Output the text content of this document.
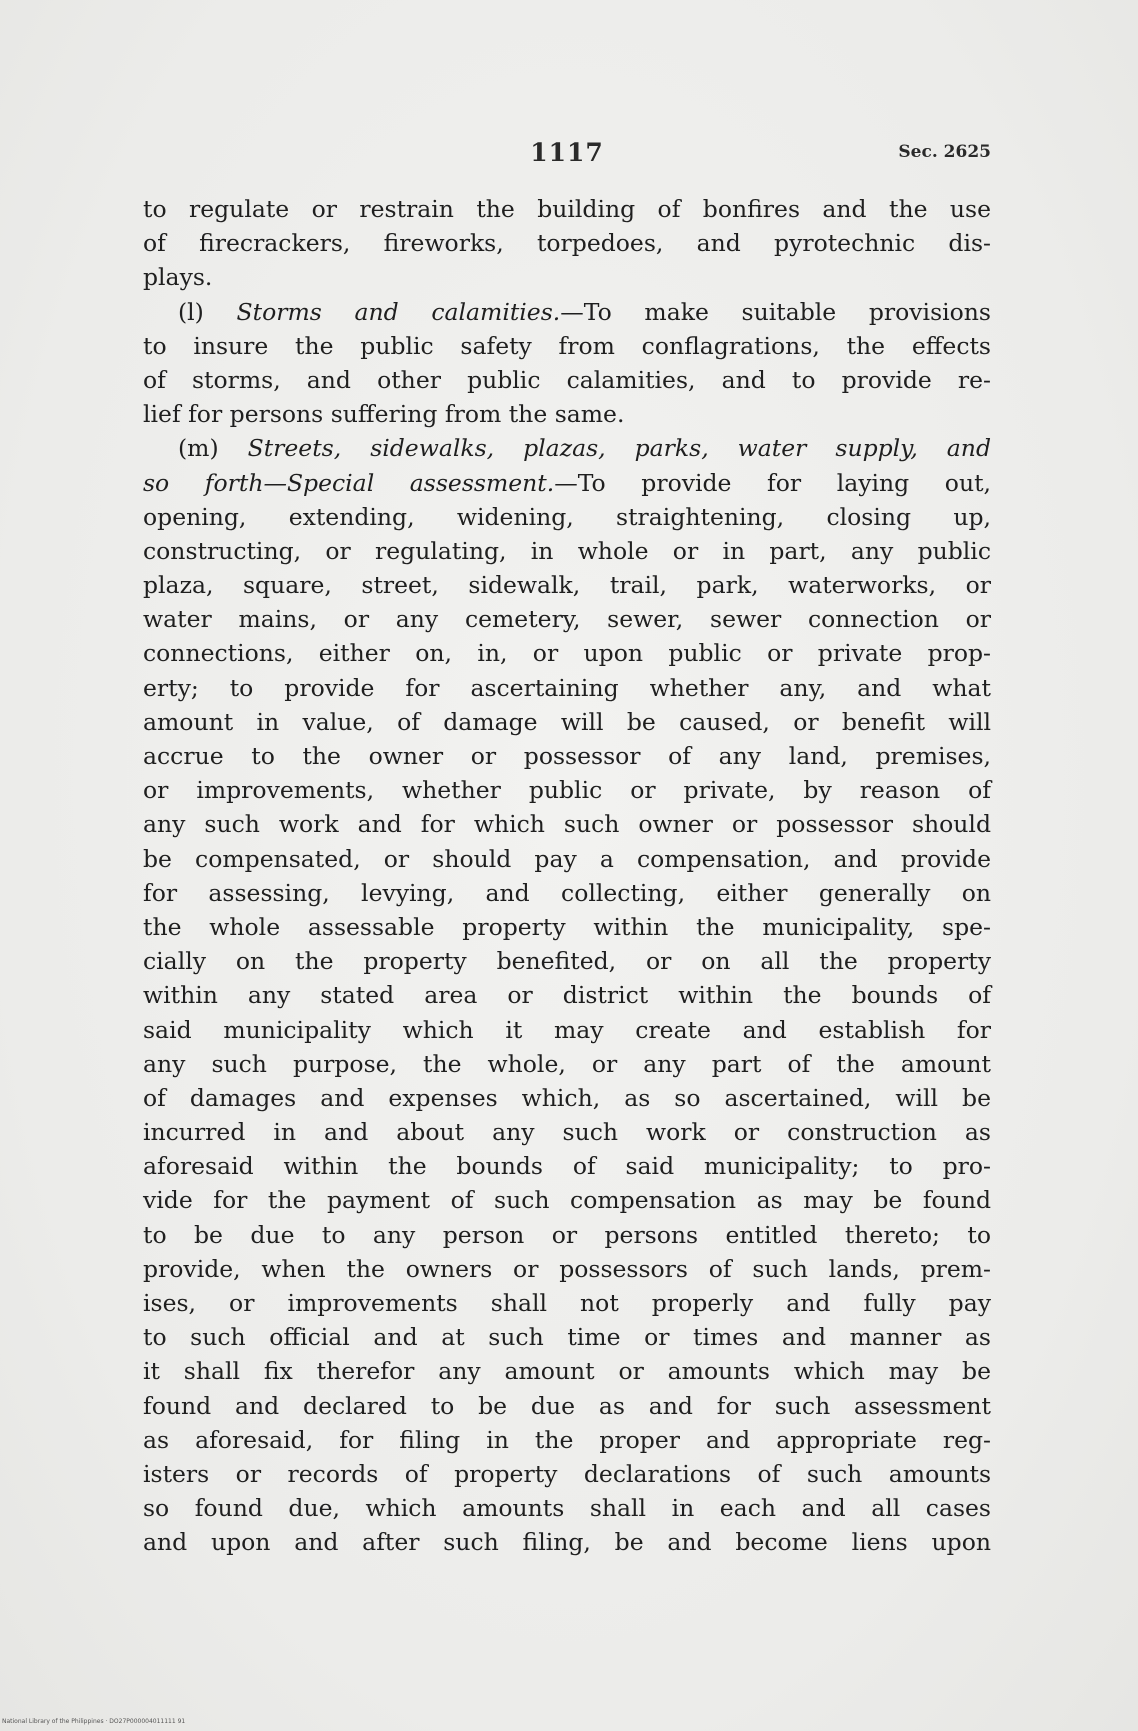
1117	Sec. 2625
to regulate or restrain the building of bonfires and the use
of firecrackers, fireworks, torpedoes, and pyrotechnic dis-
plays.
(l) Storms and calamities.—To make suitable provisions
to insure the public safety from conflagrations, the effects
of storms, and other public calamities, and to provide re-
lief for persons suffering from the same.
(m) Streets, sidewalks, plazas, parks, water supply, and
so forth—Special assessment.—To provide for laying out,
opening, extending, widening, straightening, closing up,
constructing, or regulating, in whole or in part, any public
plaza, square, street, sidewalk, trail, park, waterworks, or
water mains, or any cemetery, sewer, sewer connection or
connections, either on, in, or upon public or private prop-
erty; to provide for ascertaining whether any, and what
amount in value, of damage will be caused, or benefit will
accrue to the owner or possessor of any land, premises,
or improvements, whether public or private, by reason of
any such work and for which such owner or possessor should
be compensated, or should pay a compensation, and provide
for assessing, levying, and collecting, either generally on
the whole assessable property within the municipality, spe-
cially on the property benefited, or on all the property
within any stated area or district within the bounds of
said municipality which it may create and establish for
any such purpose, the whole, or any part of the amount
of damages and expenses which, as so ascertained, will be
incurred in and about any such work or construction as
aforesaid within the bounds of said municipality; to pro-
vide for the payment of such compensation as may be found
to be due to any person or persons entitled thereto; to
provide, when the owners or possessors of such lands, prem-
ises, or improvements shall not properly and fully pay
to such official and at such time or times and manner as
it shall fix therefor any amount or amounts which may be
found and declared to be due as and for such assessment
as aforesaid, for filing in the proper and appropriate reg-
isters or records of property declarations of such amounts
so found due, which amounts shall in each and all cases
and upon and after such filing, be and become liens upon
National Library of the Philippines · DO27P000004011111 91
